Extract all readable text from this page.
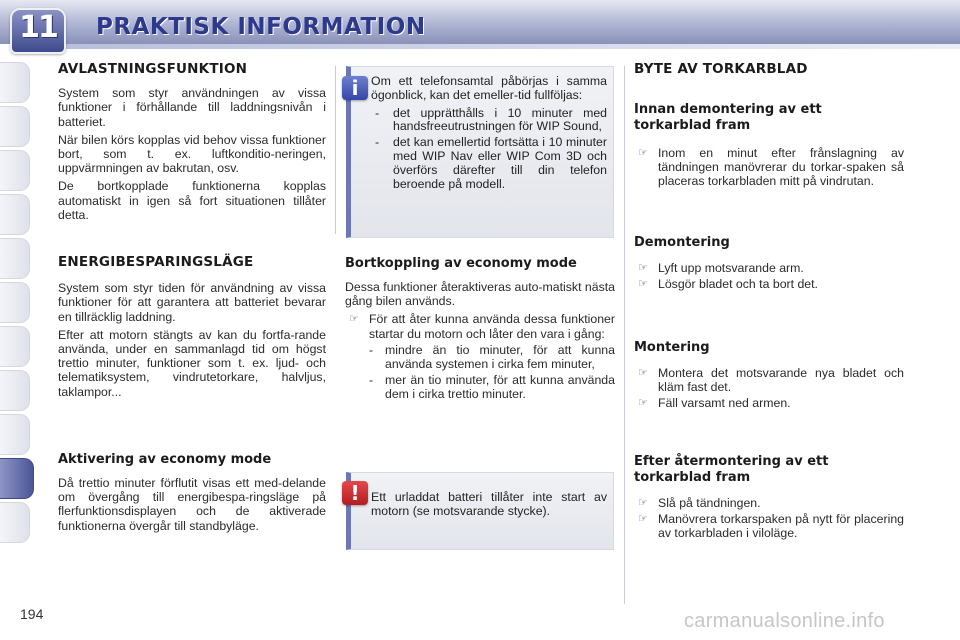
11	PRAKTISK INFORMATION
AVLASTNINGSFUNKTION

System som styr användningen av vissa funktioner i förhållande till laddningsnivån i batteriet.

När bilen körs kopplas vid behov vissa funktioner bort, som t. ex. luftkonditio-neringen, uppvärmningen av bakrutan, osv.

De bortkopplade funktionerna kopplas automatiskt in igen så fort situationen tillåter detta.

ENERGIBESPARINGSLÄGE

System som styr tiden för användning av vissa funktioner för att garantera att batteriet bevarar en tillräcklig laddning.

Efter att motorn stängts av kan du fortfa-rande använda, under en sammanlagd tid om högst trettio minuter, funktioner som t. ex. ljud- och telematiksystem, vindrutetorkare, halvljus, taklampor...

Aktivering av economy mode

Då trettio minuter förflutit visas ett med-delande om övergång till energibespa-ringsläge på flerfunktionsdisplayen och de aktiverade funktionerna övergår till standbyläge.

Om ett telefonsamtal påbörjas i samma ögonblick, kan det emeller-tid fullföljas:

- det upprätthålls i 10 minuter med handsfreeutrustningen för WIP Sound,
- det kan emellertid fortsätta i 10 minuter med WIP Nav eller WIP Com 3D och överförs därefter till din telefon beroende på modell.
i
Bortkoppling av economy mode

Dessa funktioner återaktiveras auto-matiskt nästa gång bilen används.

☞ För att åter kunna använda dessa funktioner startar du motorn och låter den vara i gång:
- mindre än tio minuter, för att kunna använda systemen i cirka fem minuter,
- mer än tio minuter, för att kunna använda dem i cirka trettio minuter.

Ett urladdat batteri tillåter inte start av motorn (se motsvarande stycke).

!
BYTE AV TORKARBLAD
Innan demontering av ett torkarblad fram
☞ Inom en minut efter frånslagning av tändningen manövrerar du torkar-spaken så placeras torkarbladen mitt på vindrutan.
Demontering
☞ Lyft upp motsvarande arm.
☞ Lösgör bladet och ta bort det.
Montering
☞ Montera det motsvarande nya bladet och kläm fast det.
☞ Fäll varsamt ned armen.
Efter återmontering av ett torkarblad fram
☞ Slå på tändningen.
☞ Manövrera torkarspaken på nytt för placering av torkarbladen i viloläge.
194	carmanualsonline.info
